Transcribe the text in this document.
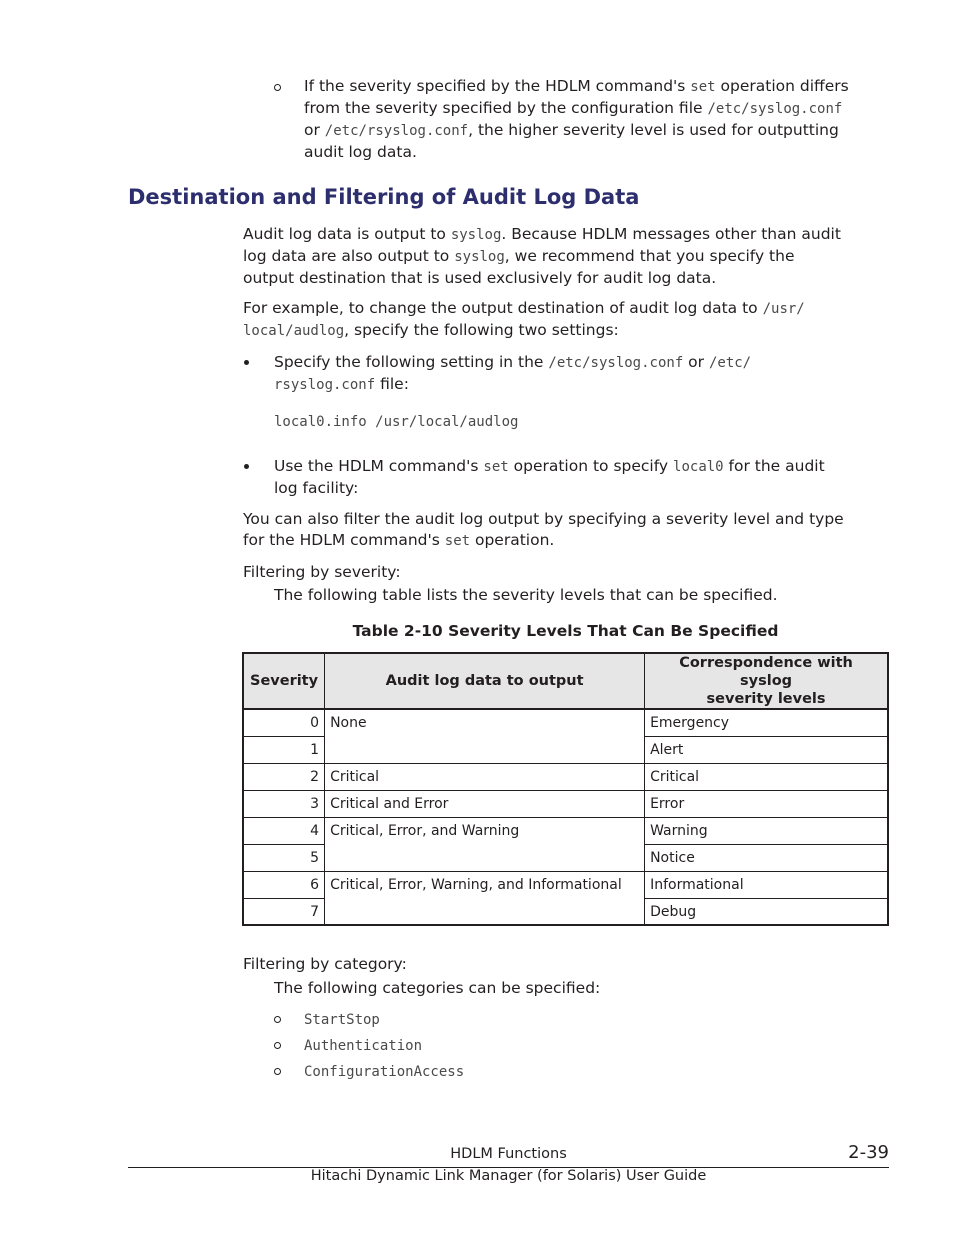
If the severity specified by the HDLM command's set operation differs

from the severity specified by the configuration file /etc/syslog.conf

or /etc/rsyslog.conf, the higher severity level is used for outputting

audit log data.

Destination and Filtering of Audit Log Data

Audit log data is output to syslog. Because HDLM messages other than audit

log data are also output to syslog, we recommend that you specify the

output destination that is used exclusively for audit log data.

For example, to change the output destination of audit log data to /usr/

local/audlog, specify the following two settings:

Specify the following setting in the /etc/syslog.conf or /etc/

rsyslog.conf file:

local0.info /usr/local/audlog

Use the HDLM command's set operation to specify local0 for the audit

log facility:

You can also filter the audit log output by specifying a severity level and type

for the HDLM command's set operation.

Filtering by severity:

The following table lists the severity levels that can be specified.

Table 2-10 Severity Levels That Can Be Specified

Severity	Audit log data to output	Correspondence with syslog
severity levels
0	None	Emergency
1		Alert
2	Critical	Critical
3	Critical and Error	Error
4	Critical, Error, and Warning	Warning
5		Notice
6	Critical, Error, Warning, and Informational	Informational
7		Debug

Filtering by category:

The following categories can be specified:

StartStop
Authentication
ConfigurationAccess
HDLM Functions	2-39
Hitachi Dynamic Link Manager (for Solaris) User Guide
